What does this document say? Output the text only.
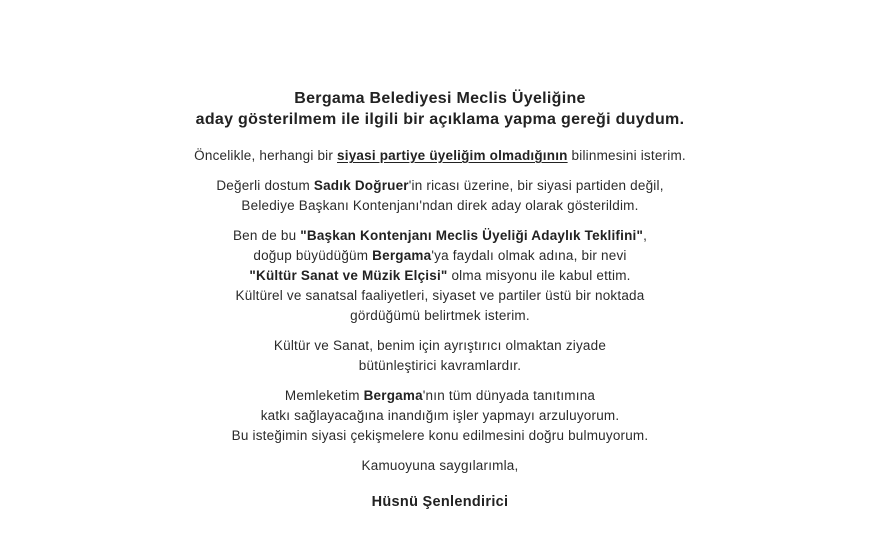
Bergama Belediyesi Meclis Üyeliğine
aday gösterilmem ile ilgili bir açıklama yapma gereği duydum.

Öncelikle, herhangi bir siyasi partiye üyeliğim olmadığının bilinmesini isterim.

Değerli dostum Sadık Doğruer'in ricası üzerine, bir siyasi partiden değil,
Belediye Başkanı Kontenjanı'ndan direk aday olarak gösterildim.

Ben de bu "Başkan Kontenjanı Meclis Üyeliği Adaylık Teklifini",
doğup büyüdüğüm Bergama'ya faydalı olmak adına, bir nevi
"Kültür Sanat ve Müzik Elçisi" olma misyonu ile kabul ettim.
Kültürel ve sanatsal faaliyetleri, siyaset ve partiler üstü bir noktada
gördüğümü belirtmek isterim.

Kültür ve Sanat, benim için ayrıştırıcı olmaktan ziyade
bütünleştirici kavramlardır.

Memleketim Bergama'nın tüm dünyada tanıtımına
katkı sağlayacağına inandığım işler yapmayı arzuluyorum.
Bu isteğimin siyasi çekişmelere konu edilmesini doğru bulmuyorum.

Kamuoyuna saygılarımla,

Hüsnü Şenlendirici
